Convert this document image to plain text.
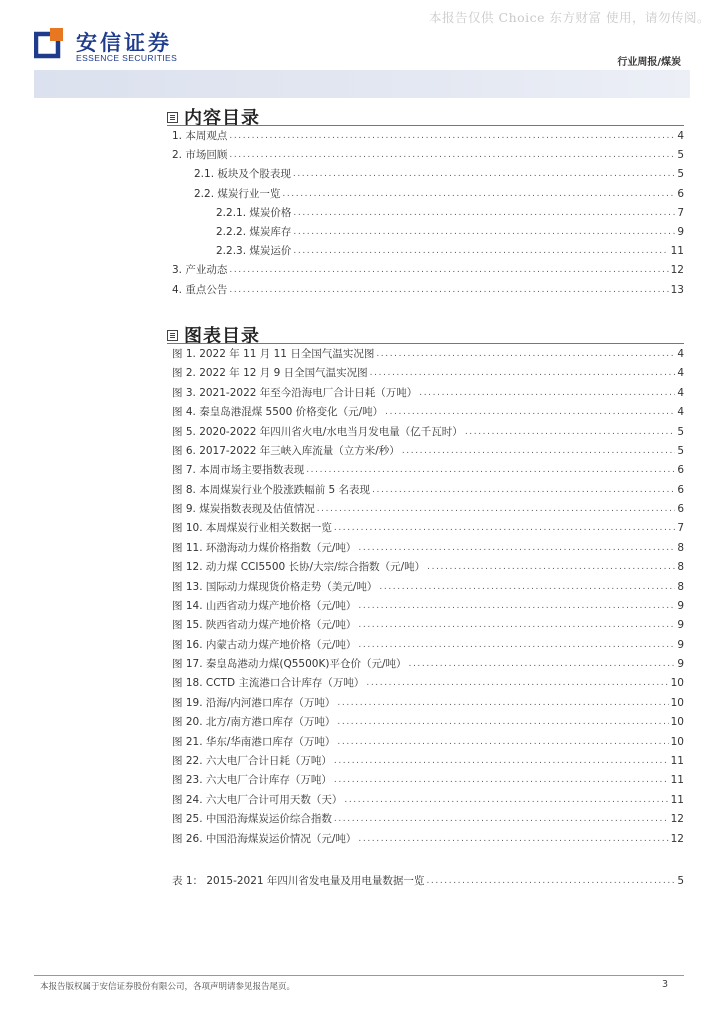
本报告仅供 Choice 东方财富 使用，请勿传阅。
安信证券
ESSENCE SECURITIES	行业周报/煤炭
内容目录
1. 本周观点 .....	4
2. 市场回顾 .....	5
2.1. 板块及个股表现 .....	5
2.2. 煤炭行业一览 .....	6
2.2.1. 煤炭价格 .....	7
2.2.2. 煤炭库存 .....	9
2.2.3. 煤炭运价 .....	11
3. 产业动态 .....	12
4. 重点公告 .....	13
图表目录
图 1. 2022 年 11 月 11 日全国气温实况图 .....	4
图 2. 2022 年 12 月 9 日全国气温实况图 .....	4
图 3. 2021-2022 年至今沿海电厂合计日耗（万吨） .....	4
图 4. 秦皇岛港混煤 5500 价格变化（元/吨） .....	4
图 5. 2020-2022 年四川省火电/水电当月发电量（亿千瓦时） .....	5
图 6. 2017-2022 年三峡入库流量（立方米/秒） .....	5
图 7. 本周市场主要指数表现 .....	6
图 8. 本周煤炭行业个股涨跌幅前 5 名表现 .....	6
图 9. 煤炭指数表现及估值情况 .....	6
图 10. 本周煤炭行业相关数据一览 .....	7
图 11. 环渤海动力煤价格指数（元/吨） .....	8
图 12. 动力煤 CCI5500 长协/大宗/综合指数（元/吨） .....	8
图 13. 国际动力煤现货价格走势（美元/吨） .....	8
图 14. 山西省动力煤产地价格（元/吨） .....	9
图 15. 陕西省动力煤产地价格（元/吨） .....	9
图 16. 内蒙古动力煤产地价格（元/吨） .....	9
图 17. 秦皇岛港动力煤(Q5500K)平仓价（元/吨） .....	9
图 18. CCTD 主流港口合计库存（万吨） .....	10
图 19. 沿海/内河港口库存（万吨） .....	10
图 20. 北方/南方港口库存（万吨） .....	10
图 21. 华东/华南港口库存（万吨） .....	10
图 22. 六大电厂合计日耗（万吨） .....	11
图 23. 六大电厂合计库存（万吨） .....	11
图 24. 六大电厂合计可用天数（天） .....	11
图 25. 中国沿海煤炭运价综合指数 .....	12
图 26. 中国沿海煤炭运价情况（元/吨） .....	12
表 1： 2015-2021 年四川省发电量及用电量数据一览 .....	5
本报告版权属于安信证券股份有限公司，各项声明请参见报告尾页。	3
